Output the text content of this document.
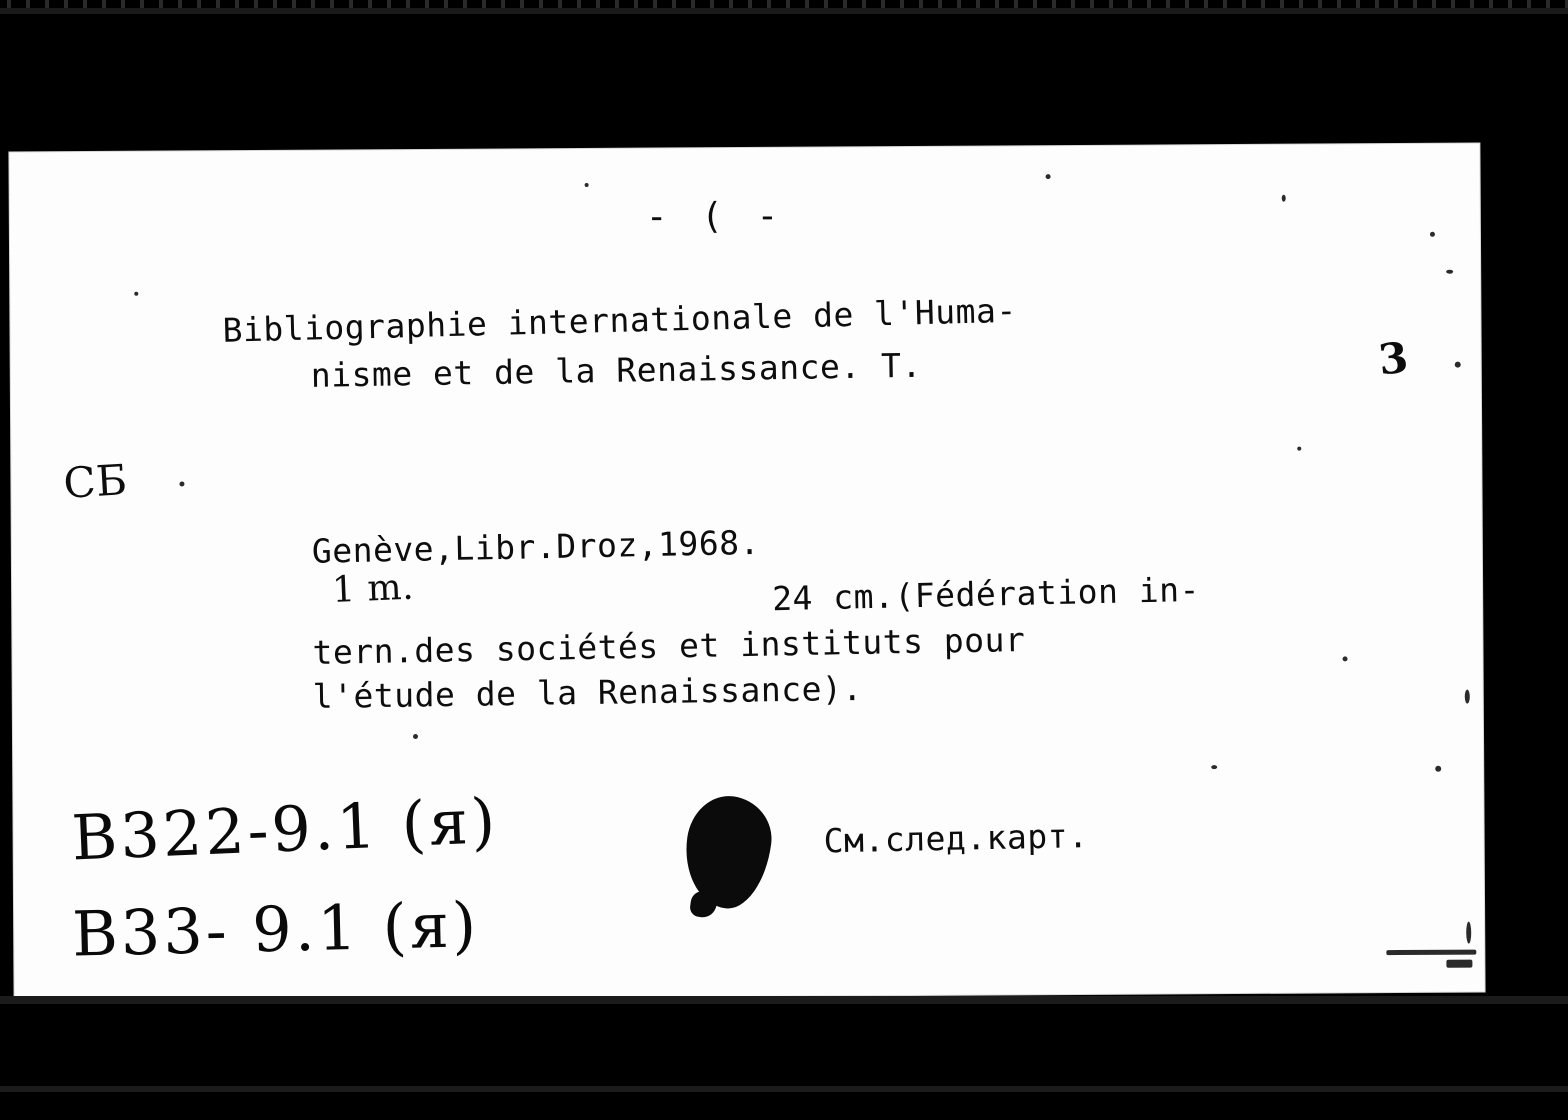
- ( -
Bibliographie internationale de l'Huma-
nisme et de la Renaissance. T.	3
СБ
Genève,Libr.Droz,1968.
1 m.	24 cm.(Fédération in-
tern.des sociétés et instituts pour
l'étude de la Renaissance).
См.след.карт.
B322-9.1 (я)
B33- 9.1 (я)
